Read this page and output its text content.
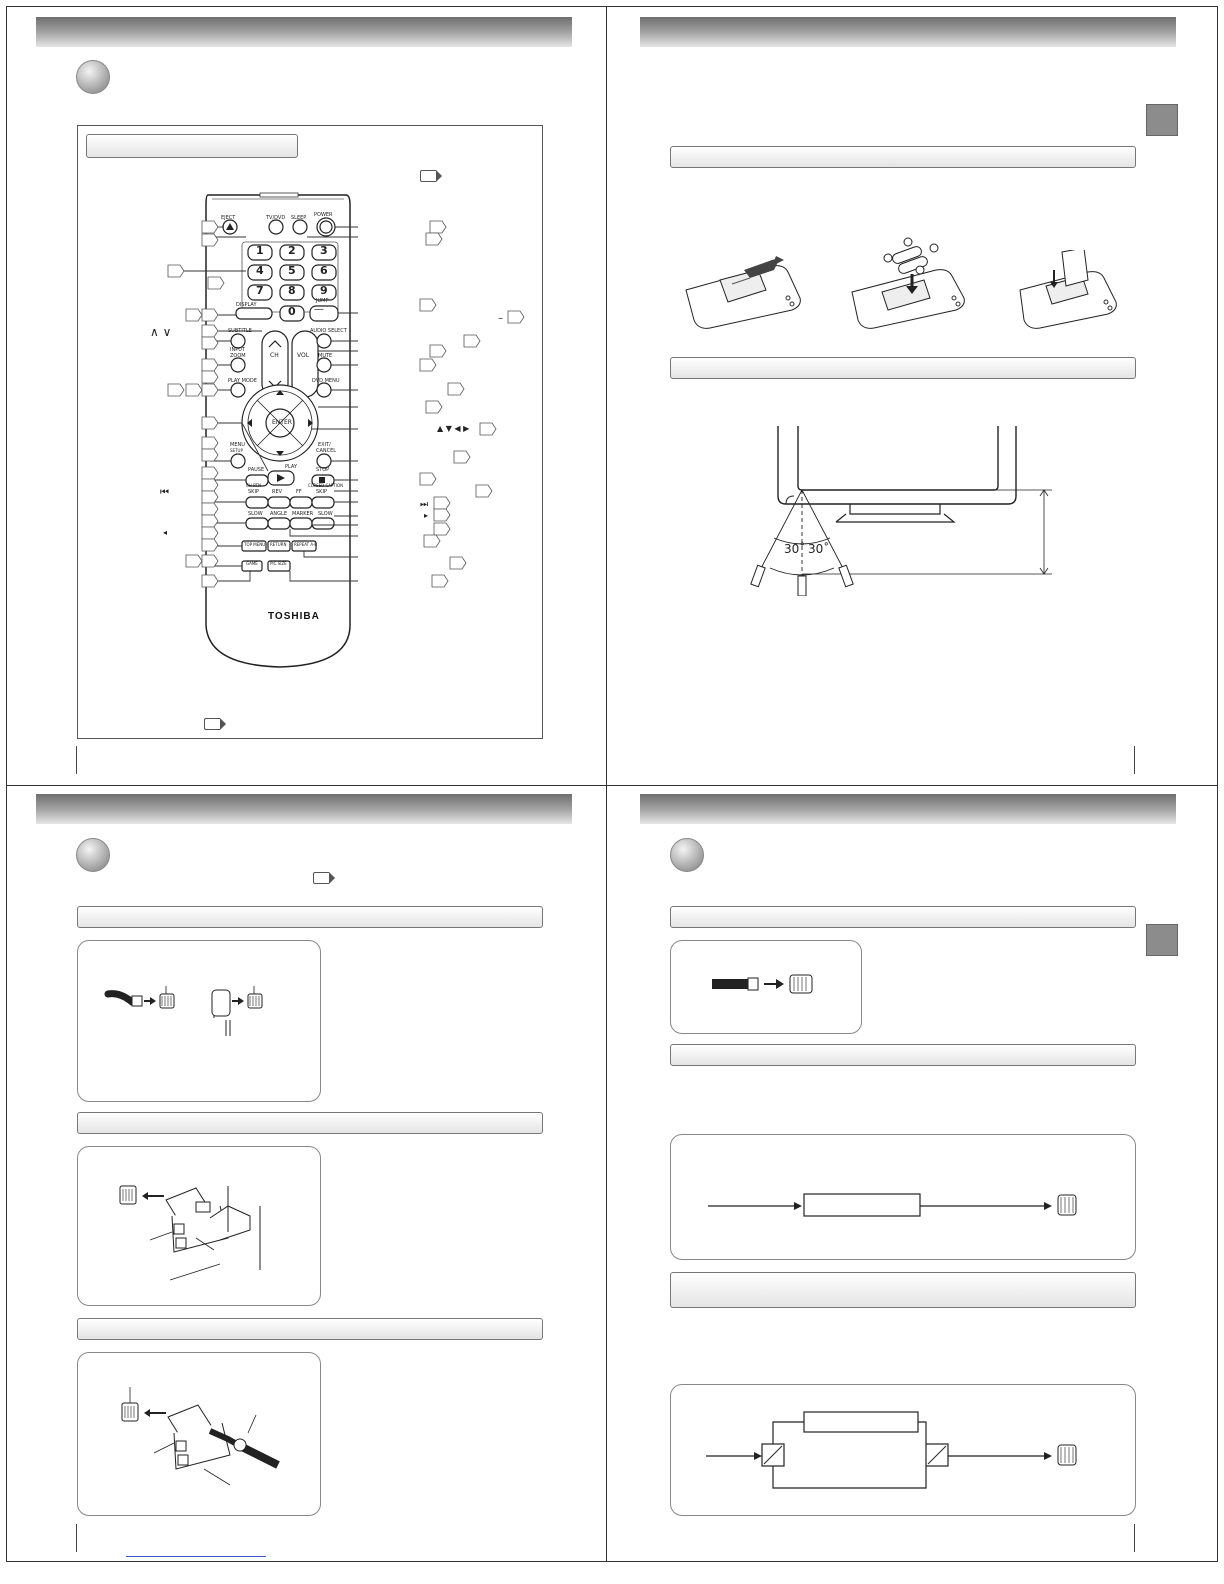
EJECT	TV/DVD SLEEP POWER
1 2 3
4 5 6
7 8 9
0 —
DISPLAY
JUMP
SUBTITLE	AUDIO SELECT
INPUT
ZOOM	CH	VOL MUTE
PLAY MODE	DVD MENU
ENTER
MENU
SETUP
EXIT/
CANCEL
PAUSE	PLAY	STOP
CH RTN
SKIP	REV	FF
CLOSED CAPTION
SKIP
SLOW ANGLE MARKER SLOW
TOP MENU RETURN REPEAT A-B
GAME	PIC SIZE
TOSHIBA
∧ ∨
⏮
◂
–
▲ ▼ ◀ ▶
⏭
▸
30˚ 30˚
